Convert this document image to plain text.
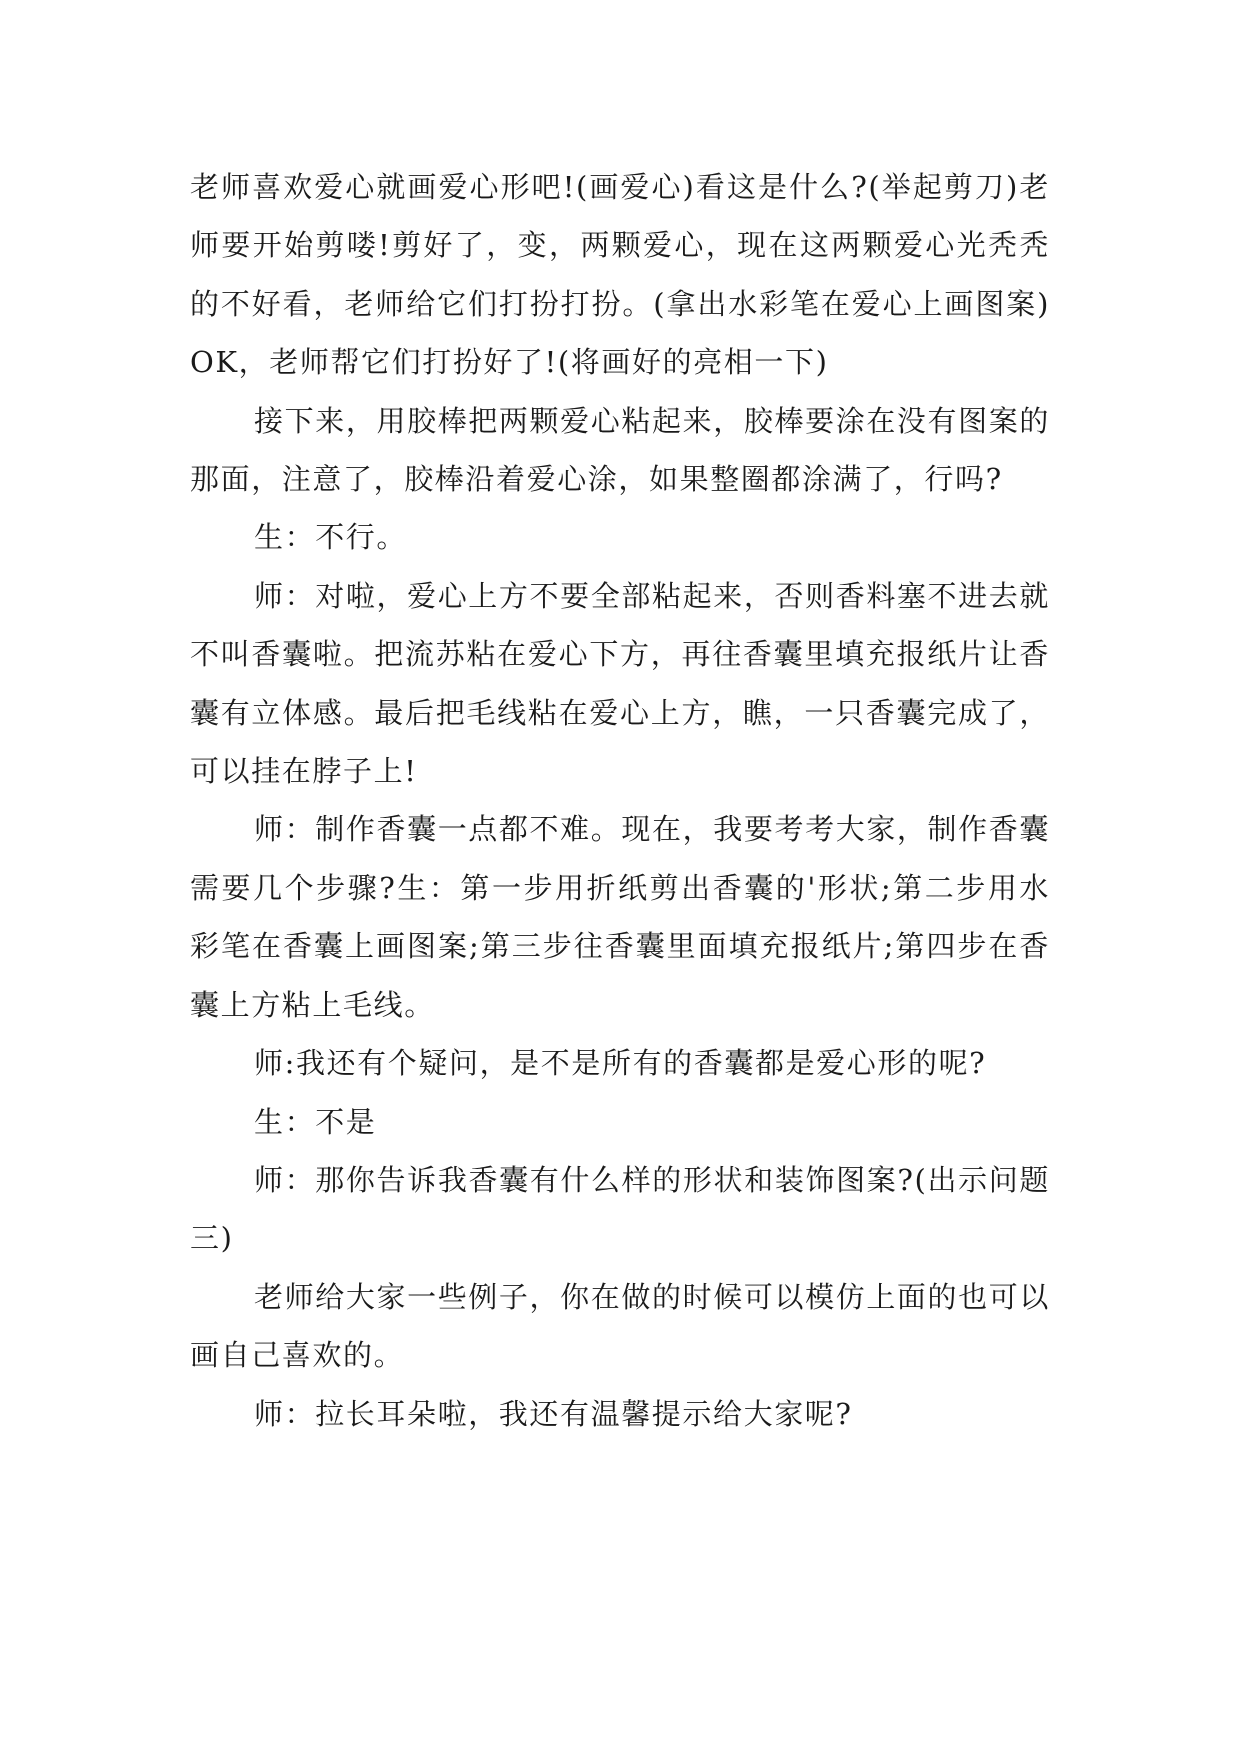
老师喜欢爱心就画爱心形吧!(画爱心)看这是什么?(举起剪刀)老师要开始剪喽!剪好了，变，两颗爱心，现在这两颗爱心光秃秃的不好看，老师给它们打扮打扮。(拿出水彩笔在爱心上画图案)OK，老师帮它们打扮好了!(将画好的亮相一下)

接下来，用胶棒把两颗爱心粘起来，胶棒要涂在没有图案的那面，注意了，胶棒沿着爱心涂，如果整圈都涂满了，行吗?

生：不行。

师：对啦，爱心上方不要全部粘起来，否则香料塞不进去就不叫香囊啦。把流苏粘在爱心下方，再往香囊里填充报纸片让香囊有立体感。最后把毛线粘在爱心上方，瞧，一只香囊完成了，可以挂在脖子上!

师：制作香囊一点都不难。现在，我要考考大家，制作香囊需要几个步骤?生：第一步用折纸剪出香囊的'形状;第二步用水彩笔在香囊上画图案;第三步往香囊里面填充报纸片;第四步在香囊上方粘上毛线。

师:我还有个疑问，是不是所有的香囊都是爱心形的呢?

生：不是

师：那你告诉我香囊有什么样的形状和装饰图案?(出示问题三)

老师给大家一些例子，你在做的时候可以模仿上面的也可以画自己喜欢的。

师：拉长耳朵啦，我还有温馨提示给大家呢?
